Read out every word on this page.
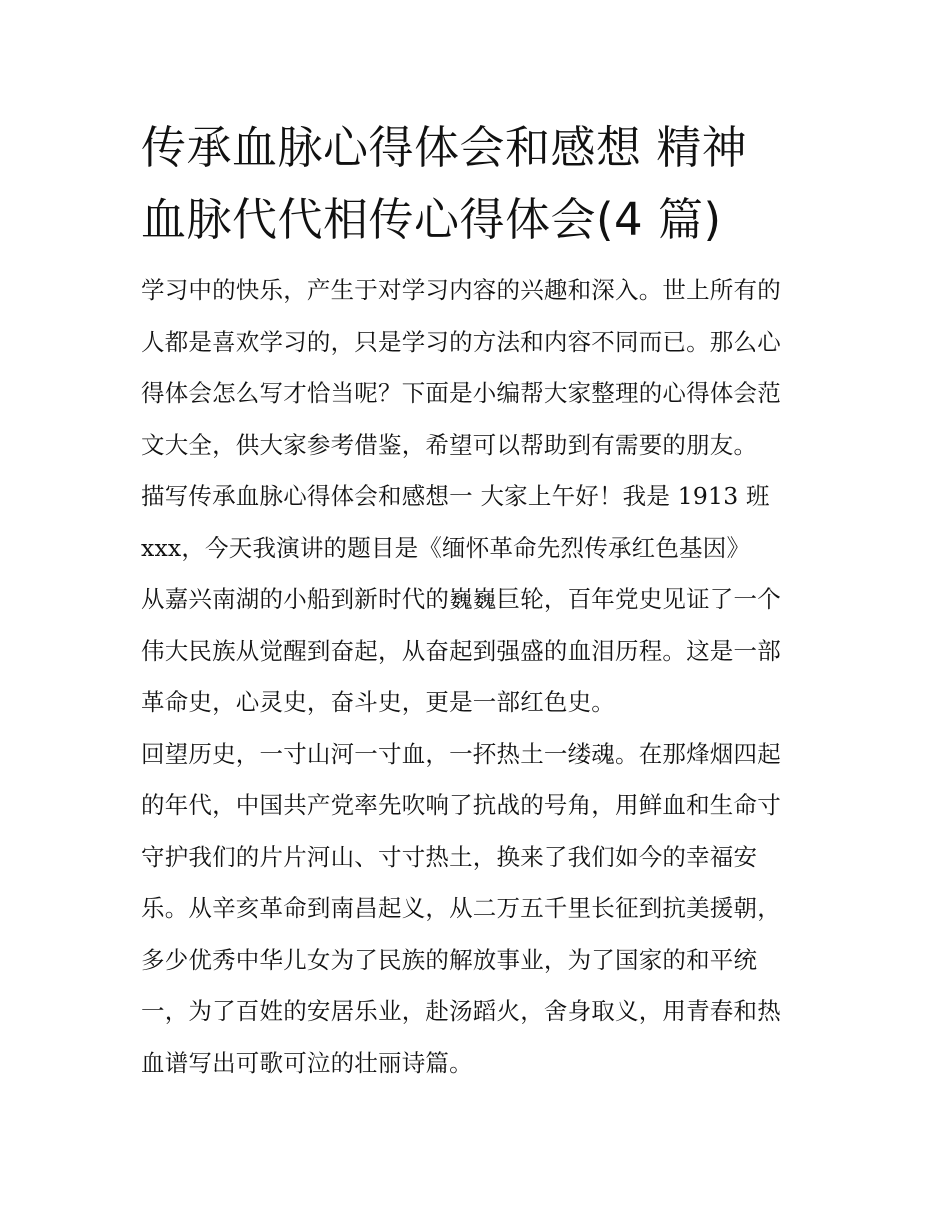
传承血脉心得体会和感想 精神
血脉代代相传心得体会(4 篇)
学习中的快乐，产生于对学习内容的兴趣和深入。世上所有的
人都是喜欢学习的，只是学习的方法和内容不同而已。那么心
得体会怎么写才恰当呢？下面是小编帮大家整理的心得体会范
文大全，供大家参考借鉴，希望可以帮助到有需要的朋友。
描写传承血脉心得体会和感想一 大家上午好！我是 1913 班
xxx，今天我演讲的题目是《缅怀革命先烈传承红色基因》
从嘉兴南湖的小船到新时代的巍巍巨轮，百年党史见证了一个
伟大民族从觉醒到奋起，从奋起到强盛的血泪历程。这是一部
革命史，心灵史，奋斗史，更是一部红色史。
回望历史，一寸山河一寸血，一抔热土一缕魂。在那烽烟四起
的年代，中国共产党率先吹响了抗战的号角，用鲜血和生命寸
守护我们的片片河山、寸寸热土，换来了我们如今的幸福安
乐。从辛亥革命到南昌起义，从二万五千里长征到抗美援朝，
多少优秀中华儿女为了民族的解放事业，为了国家的和平统
一，为了百姓的安居乐业，赴汤蹈火，舍身取义，用青春和热
血谱写出可歌可泣的壮丽诗篇。
